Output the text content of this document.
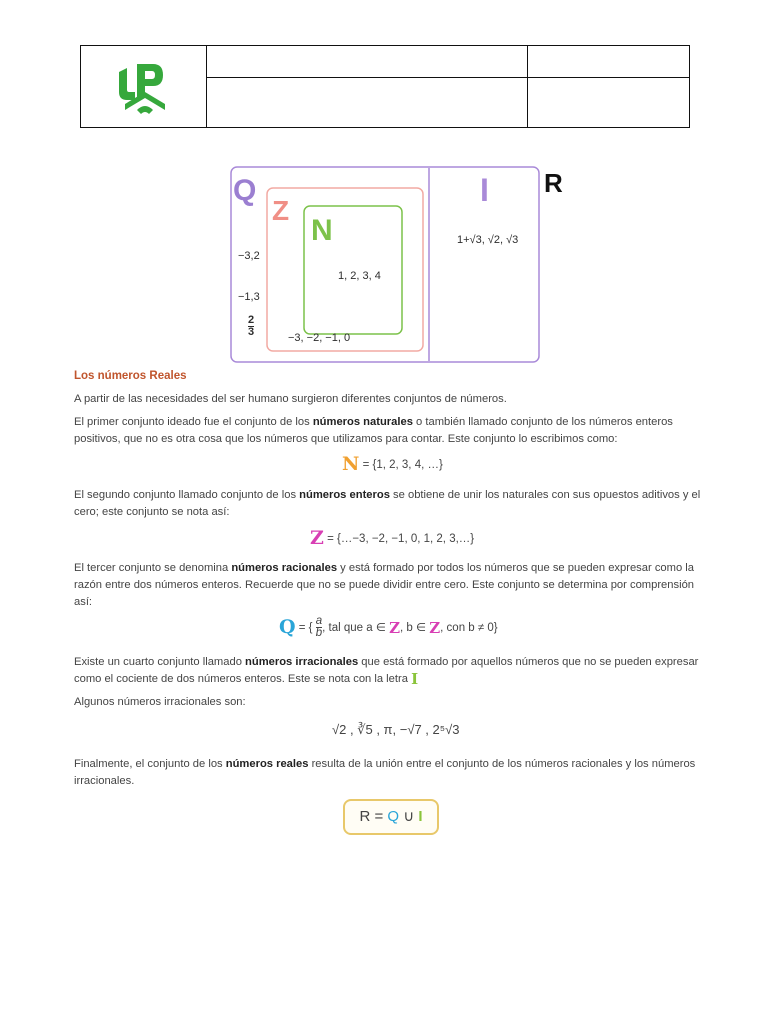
Q
Z
N
I R
−3,2
−1,3
$\frac{2}{3}$	−3, −2, −1, 0
1, 2, 3, 4
1+√3, √2, √3
Los números Reales
A partir de las necesidades del ser humano surgieron diferentes conjuntos de números.
El primer conjunto ideado fue el conjunto de los números naturales o también llamado conjunto de los números enteros positivos, que no es otra cosa que los números que utilizamos para contar. Este conjunto lo escribimos como:
N = {1, 2, 3, 4, …}
El segundo conjunto llamado conjunto de los números enteros se obtiene de unir los naturales con sus opuestos aditivos y el cero; este conjunto se nota así:
Z = {…−3, −2, −1, 0, 1, 2, 3,…}
El tercer conjunto se denomina números racionales y está formado por todos los números que se pueden expresar como la razón entre dos números enteros. Recuerde que no se puede dividir entre cero. Este conjunto se determina por comprensión así:
Q = { $\frac{a}{b}$ , tal que a ∈ Z, b ∈ Z, con b ≠ 0}
Existe un cuarto conjunto llamado números irracionales que está formado por aquellos números que no se pueden expresar como el cociente de dos números enteros. Este se nota con la letra I
Algunos números irracionales son:
√2 , ∛5 , π, −√7 , 2⁵√3
Finalmente, el conjunto de los números reales resulta de la unión entre el conjunto de los números racionales y los números irracionales.
R = Q ∪ I
